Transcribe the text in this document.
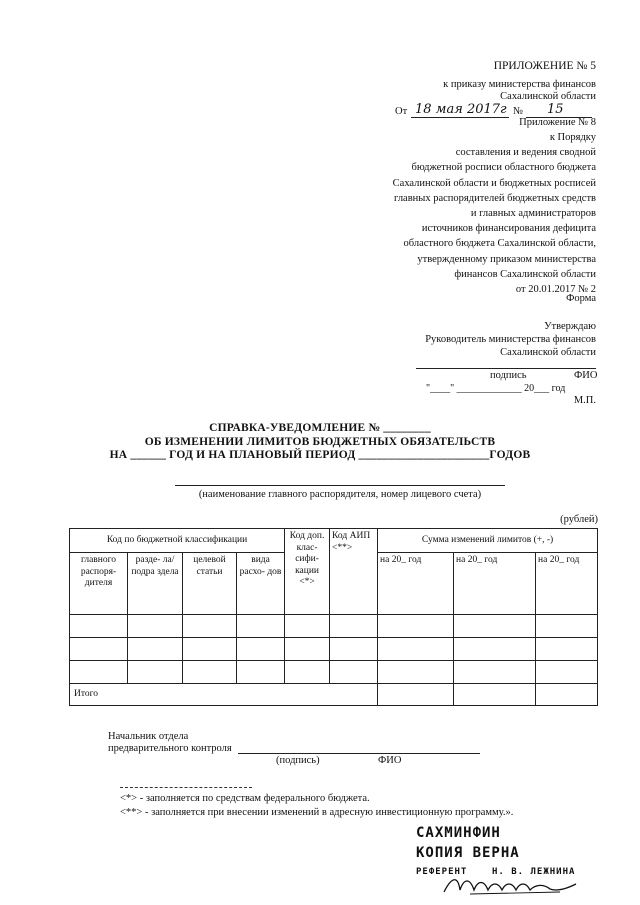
ПРИЛОЖЕНИЕ № 5
к приказу министерства финансов
Сахалинской области
От 18 мая 2017г № 15
Приложение № 8
к Порядку
составления и ведения сводной
бюджетной росписи областного бюджета
Сахалинской области и бюджетных росписей
главных распорядителей бюджетных средств
и главных администраторов
источников финансирования дефицита
областного бюджета Сахалинской области,
утвержденному приказом министерства
финансов Сахалинской области
от 20.01.2017 № 2
Форма
Утверждаю
Руководитель министерства финансов
Сахалинской области
подпись	ФИО
"____" _____________ 20___ год
М.П.
СПРАВКА-УВЕДОМЛЕНИЕ № ________
ОБ ИЗМЕНЕНИИ ЛИМИТОВ БЮДЖЕТНЫХ ОБЯЗАТЕЛЬСТВ
НА ______ ГОД И НА ПЛАНОВЫЙ ПЕРИОД ______________________ГОДОВ
(наименование главного распорядителя, номер лицевого счета)
(рублей)
Код по бюджетной классификации				Код доп. клас- сифи- кации <*>	Код АИП <**>	Сумма изменений лимитов (+, -)		
главного распоря- дителя	разде- ла/подра здела	целевой статьи	вида расхо- дов			на 20_ год	на 20_ год	на 20_ год

Итого								
Начальник отдела
предварительного контроля
(подпись)	ФИО
<*> - заполняется по средствам федерального бюджета.
<**> - заполняется при внесении изменений в адресную инвестиционную программу.».
САХМИНФИН
КОПИЯ ВЕРНА
РЕФЕРЕНТ	Н. В. ЛЕЖНИНА
